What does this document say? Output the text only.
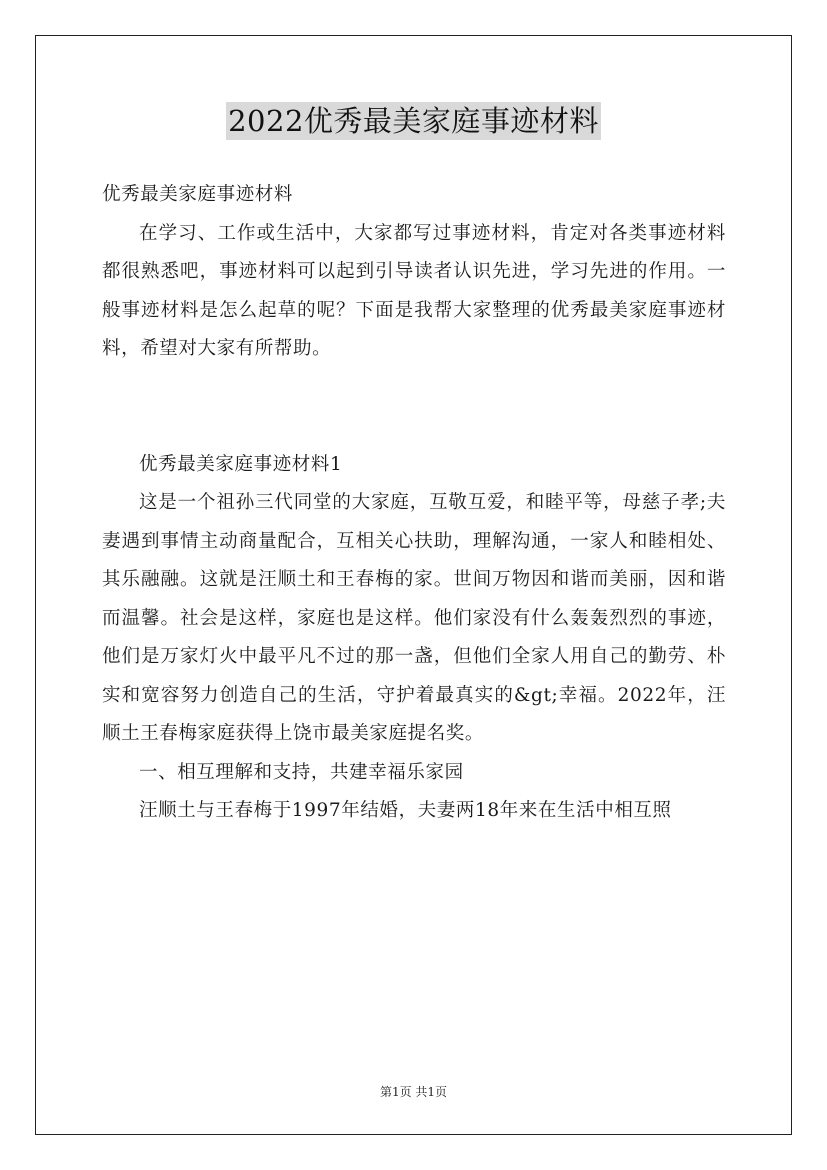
2022优秀最美家庭事迹材料

优秀最美家庭事迹材料

在学习、工作或生活中，大家都写过事迹材料，肯定对各类事迹材料都很熟悉吧，事迹材料可以起到引导读者认识先进，学习先进的作用。一般事迹材料是怎么起草的呢？下面是我帮大家整理的优秀最美家庭事迹材料，希望对大家有所帮助。

优秀最美家庭事迹材料1

这是一个祖孙三代同堂的大家庭，互敬互爱，和睦平等，母慈子孝;夫妻遇到事情主动商量配合，互相关心扶助，理解沟通，一家人和睦相处、其乐融融。这就是汪顺土和王春梅的家。世间万物因和谐而美丽，因和谐而温馨。社会是这样，家庭也是这样。他们家没有什么轰轰烈烈的事迹，他们是万家灯火中最平凡不过的那一盏，但他们全家人用自己的勤劳、朴实和宽容努力创造自己的生活，守护着最真实的&gt;幸福。2022年，汪顺土王春梅家庭获得上饶市最美家庭提名奖。

一、相互理解和支持，共建幸福乐家园

汪顺土与王春梅于1997年结婚，夫妻两18年来在生活中相互照

第1页 共1页
